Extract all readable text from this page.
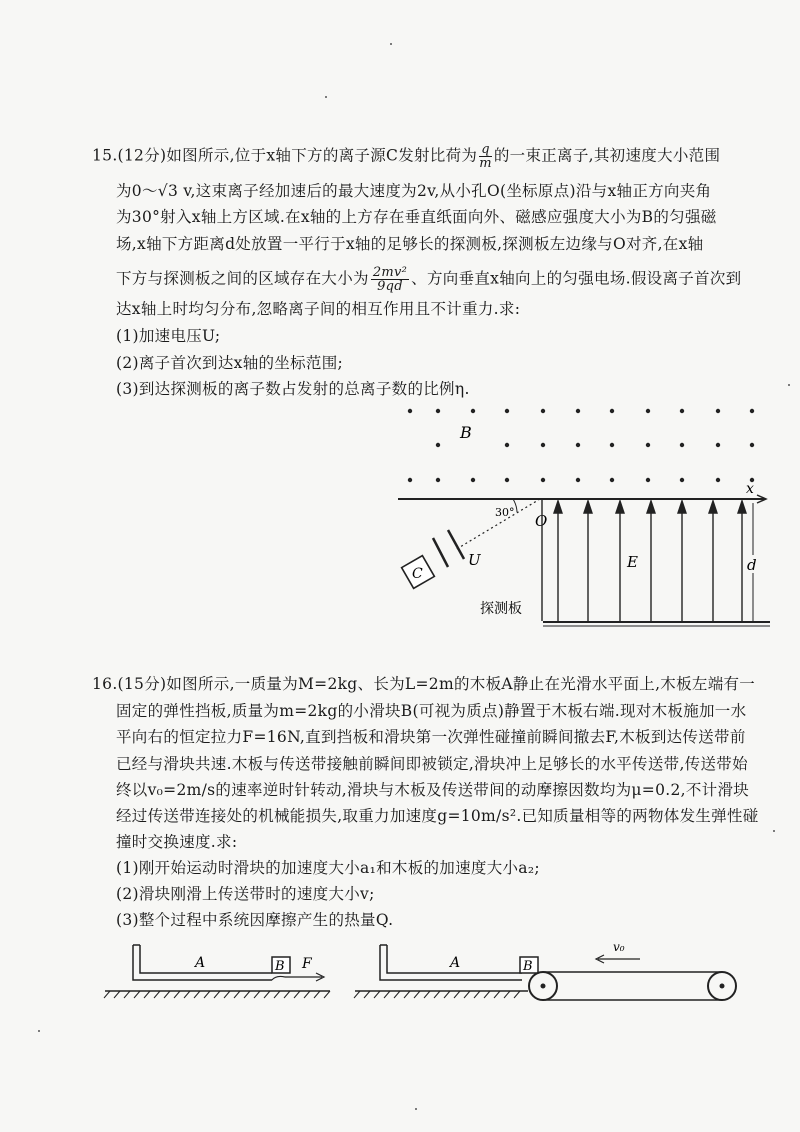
15.(12分)如图所示,位于x轴下方的离子源C发射比荷为 $\frac{q}{m}$ 的一束正离子,其初速度大小范围
为0～√3 v,这束离子经加速后的最大速度为2v,从小孔O(坐标原点)沿与x轴正方向夹角
为30°射入x轴上方区域.在x轴的上方存在垂直纸面向外、磁感应强度大小为B的匀强磁
场,x轴下方距离d处放置一平行于x轴的足够长的探测板,探测板左边缘与O对齐,在x轴
下方与探测板之间的区域存在大小为 $\frac{\text{2mv²}}{9qd}$ 、方向垂直x轴向上的匀强电场.假设离子首次到
达x轴上时均匀分布,忽略离子间的相互作用且不计重力.求:
(1)加速电压U;
(2)离子首次到达x轴的坐标范围;
(3)到达探测板的离子数占发射的总离子数的比例η.
B
x
30° O
U
C
E	d
探测板
16.(15分)如图所示,一质量为M=2kg、长为L=2m的木板A静止在光滑水平面上,木板左端有一
固定的弹性挡板,质量为m=2kg的小滑块B(可视为质点)静置于木板右端.现对木板施加一水
平向右的恒定拉力F=16N,直到挡板和滑块第一次弹性碰撞前瞬间撤去F,木板到达传送带前
已经与滑块共速.木板与传送带接触前瞬间即被锁定,滑块冲上足够长的水平传送带,传送带始
终以v₀=2m/s的速率逆时针转动,滑块与木板及传送带间的动摩擦因数均为μ=0.2,不计滑块
经过传送带连接处的机械能损失,取重力加速度g=10m/s².已知质量相等的两物体发生弹性碰
撞时交换速度.求:
(1)刚开始运动时滑块的加速度大小a₁和木板的加速度大小a₂;
(2)滑块刚滑上传送带时的速度大小v;
(3)整个过程中系统因摩擦产生的热量Q.
A	B F	A	B
v₀
